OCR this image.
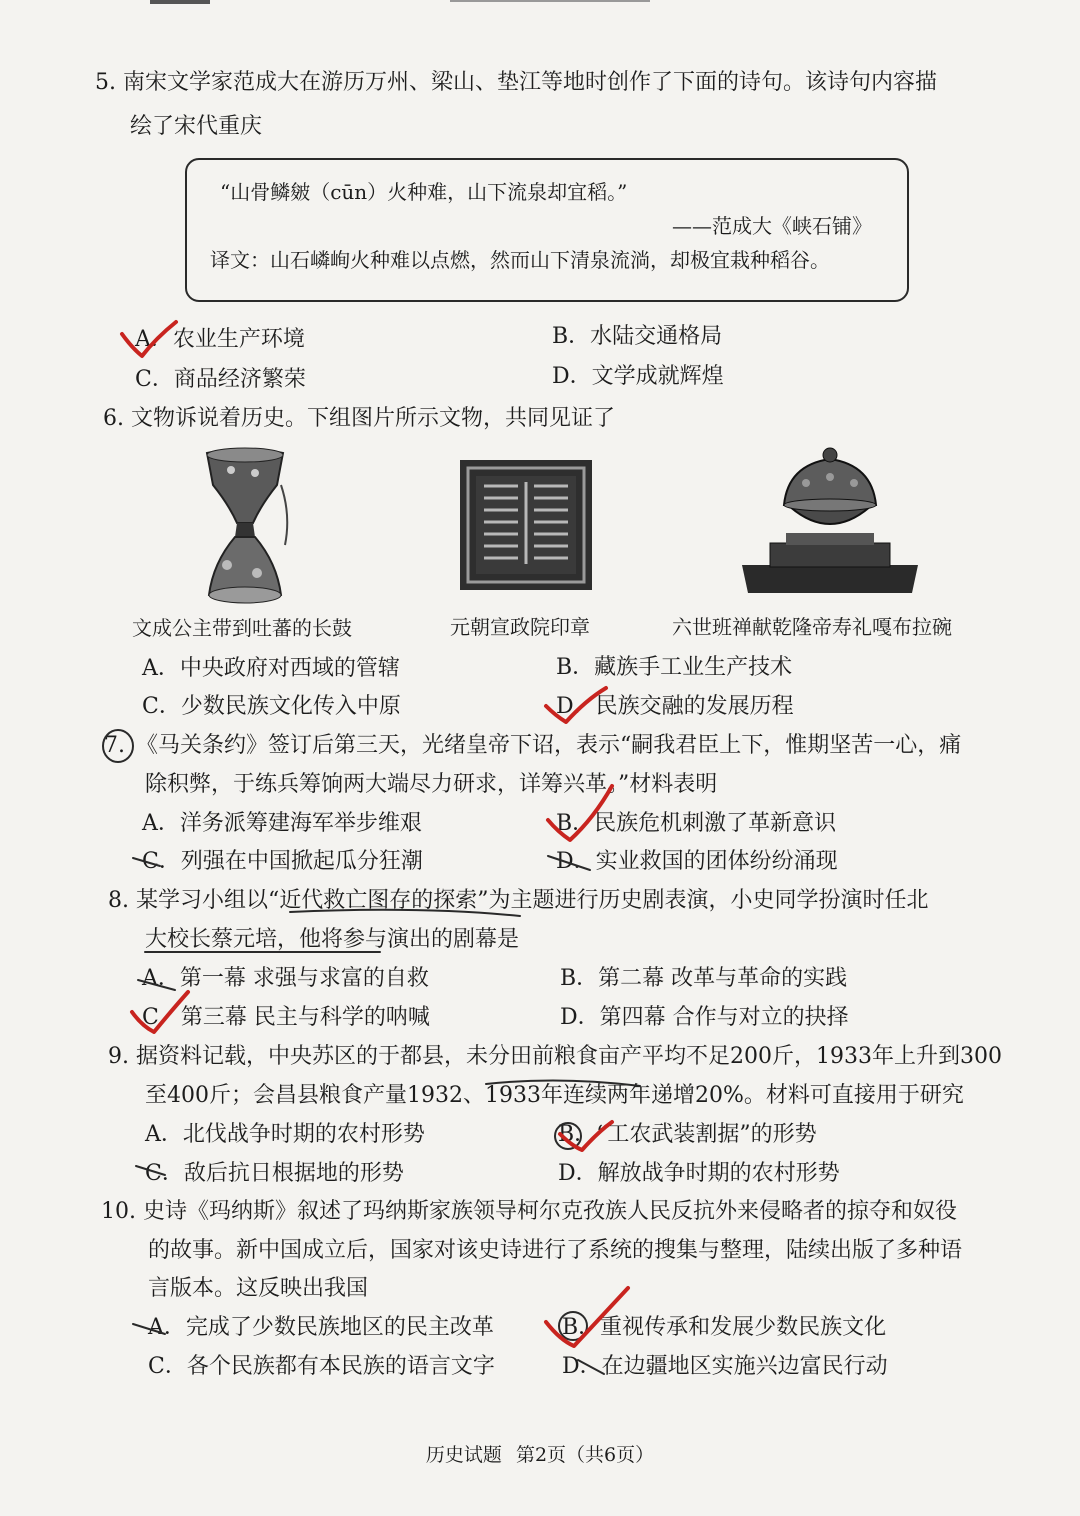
5. 南宋文学家范成大在游历万州、梁山、垫江等地时创作了下面的诗句。该诗句内容描
绘了宋代重庆
“山骨鳞皴（cūn）火种难，山下流泉却宜稻。”
——范成大《峡石铺》
译文：山石嶙峋火种难以点燃，然而山下清泉流淌，却极宜栽种稻谷。
A．农业生产环境	B．水陆交通格局
C．商品经济繁荣	D．文学成就辉煌
6. 文物诉说着历史。下组图片所示文物，共同见证了
文成公主带到吐蕃的长鼓	元朝宣政院印章	六世班禅献乾隆帝寿礼嘎布拉碗
A．中央政府对西域的管辖	B．藏族手工业生产技术
C．少数民族文化传入中原	D．民族交融的发展历程
7. 《马关条约》签订后第三天，光绪皇帝下诏，表示“嗣我君臣上下，惟期坚苦一心，痛
除积弊，于练兵筹饷两大端尽力研求，详筹兴革。”材料表明
A．洋务派筹建海军举步维艰	B．民族危机刺激了革新意识
C．列强在中国掀起瓜分狂潮	D．实业救国的团体纷纷涌现
8. 某学习小组以“近代救亡图存的探索”为主题进行历史剧表演，小史同学扮演时任北
大校长蔡元培，他将参与演出的剧幕是
A．第一幕 求强与求富的自救	B．第二幕 改革与革命的实践
C．第三幕 民主与科学的呐喊	D．第四幕 合作与对立的抉择
9. 据资料记载，中央苏区的于都县，未分田前粮食亩产平均不足200斤，1933年上升到300
至400斤；会昌县粮食产量1932、1933年连续两年递增20%。材料可直接用于研究
A．北伐战争时期的农村形势	B．“工农武装割据”的形势
C．敌后抗日根据地的形势	D．解放战争时期的农村形势
10. 史诗《玛纳斯》叙述了玛纳斯家族领导柯尔克孜族人民反抗外来侵略者的掠夺和奴役
的故事。新中国成立后，国家对该史诗进行了系统的搜集与整理，陆续出版了多种语
言版本。这反映出我国
A．完成了少数民族地区的民主改革	B．重视传承和发展少数民族文化
C．各个民族都有本民族的语言文字	D．在边疆地区实施兴边富民行动
历史试题 第2页（共6页）
